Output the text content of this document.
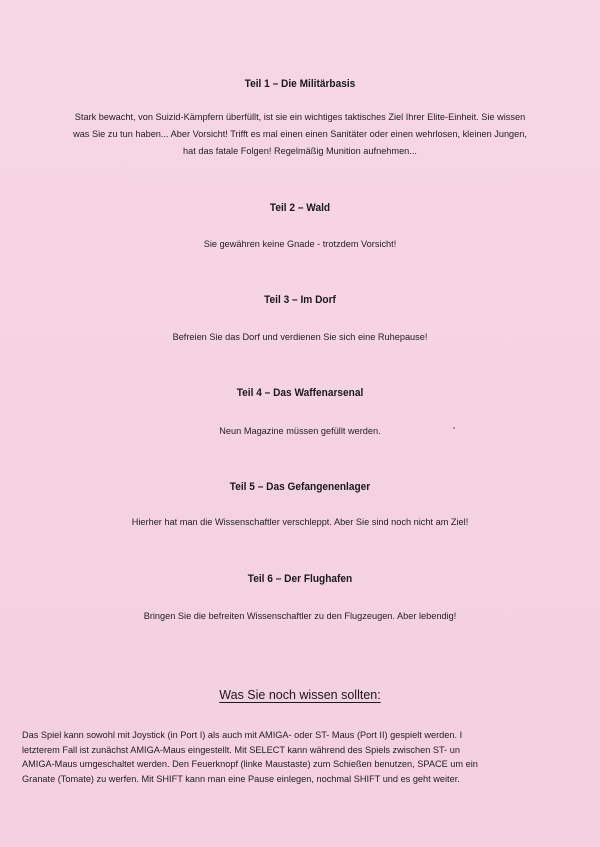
​
Teil 1 – Die Militärbasis
Stark bewacht, von Suizid-Kämpfern überfüllt, ist sie ein wichtiges taktisches Ziel Ihrer Elite-Einheit. Sie wissen
was Sie zu tun haben... Aber Vorsicht! Trifft es mal einen einen Sanitäter oder einen wehrlosen, kleinen Jungen,
hat das fatale Folgen! Regelmäßig Munition aufnehmen...
Teil 2 – Wald
Sie gewähren keine Gnade - trotzdem Vorsicht!
Teil 3 – Im Dorf
Befreien Sie das Dorf und verdienen Sie sich eine Ruhepause!
Teil 4 – Das Waffenarsenal
Neun Magazine müssen gefüllt werden.
Teil 5 – Das Gefangenenlager
Hierher hat man die Wissenschaftler verschleppt. Aber Sie sind noch nicht am Ziel!
Teil 6 – Der Flughafen
Bringen Sie die befreiten Wissenschaftler zu den Flugzeugen. Aber lebendig!
Was Sie noch wissen sollten:
Das Spiel kann sowohl mit Joystick (in Port I) als auch mit AMIGA- oder ST- Maus (Port II) gespielt werden. I
letzterem Fall ist zunächst AMIGA-Maus eingestellt. Mit SELECT kann während des Spiels zwischen ST- un
AMIGA-Maus umgeschaltet werden. Den Feuerknopf (linke Maustaste) zum Schießen benutzen, SPACE um ein
Granate (Tomate) zu werfen. Mit SHIFT kann man eine Pause einlegen, nochmal SHIFT und es geht weiter.
